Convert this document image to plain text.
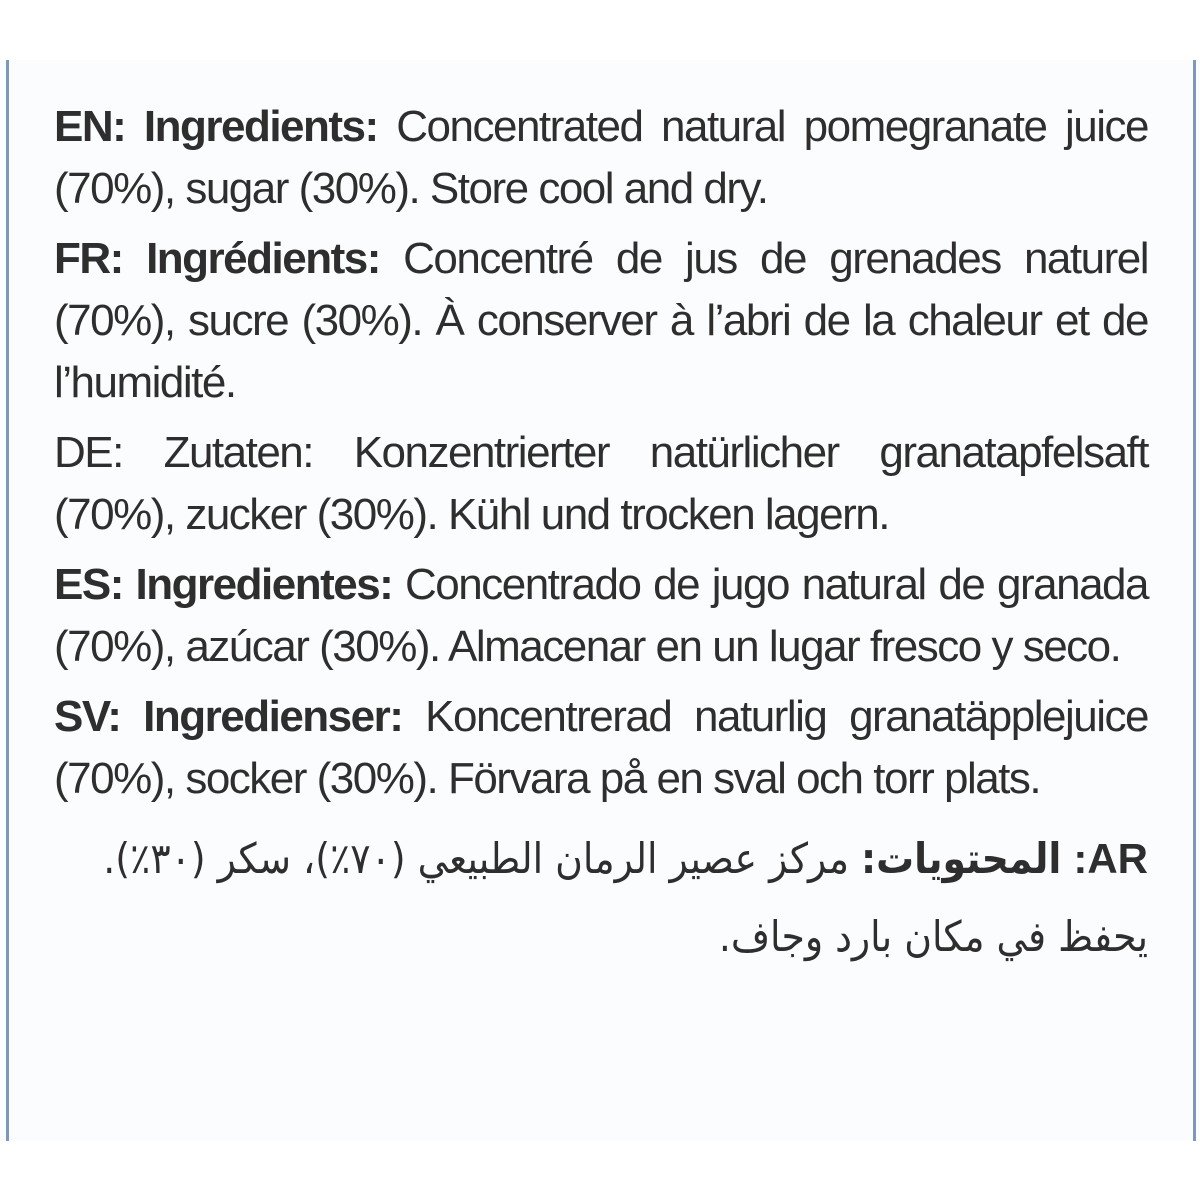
EN: Ingredients: Concentrated natural pomegranate juice (70%), sugar (30%). Store cool and dry.

FR: Ingrédients: Concentré de jus de grenades naturel (70%), sucre (30%). À conserver à l’abri de la chaleur et de l’humidité.

DE: Zutaten: Konzentrierter natürlicher granatapfelsaft (70%), zucker (30%). Kühl und trocken lagern.

ES: Ingredientes: Concentrado de jugo natural de granada (70%), azúcar (30%). Almacenar en un lugar fresco y seco.

SV: Ingredienser: Koncentrerad naturlig granatäpplejuice (70%), socker (30%). Förvara på en sval och torr plats.

AR: المحتويات: مركز عصير الرمان الطبيعي (٧٠٪)، سكر (٣٠٪). يحفظ في مكان بارد وجاف.
